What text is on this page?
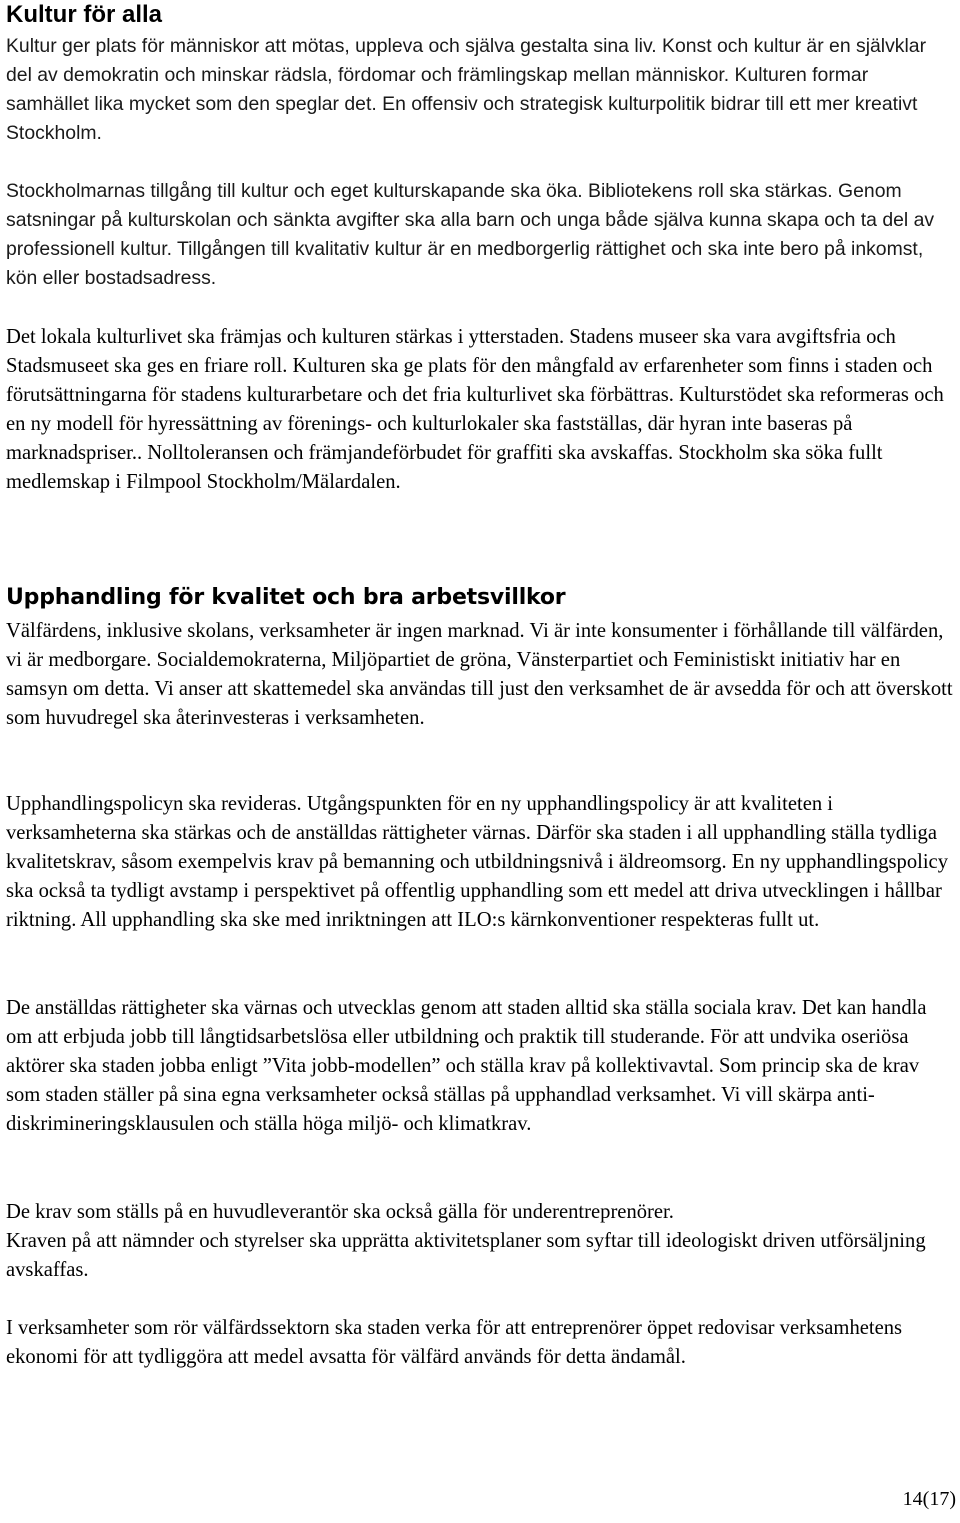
Kultur för alla

Kultur ger plats för människor att mötas, uppleva och själva gestalta sina liv. Konst och kultur är en självklar del av demokratin och minskar rädsla, fördomar och främlingskap mellan människor. Kulturen formar samhället lika mycket som den speglar det. En offensiv och strategisk kulturpolitik bidrar till ett mer kreativt Stockholm.

Stockholmarnas tillgång till kultur och eget kulturskapande ska öka. Bibliotekens roll ska stärkas. Genom satsningar på kulturskolan och sänkta avgifter ska alla barn och unga både själva kunna skapa och ta del av professionell kultur. Tillgången till kvalitativ kultur är en medborgerlig rättighet och ska inte bero på inkomst, kön eller bostadsadress.

Det lokala kulturlivet ska främjas och kulturen stärkas i ytterstaden. Stadens museer ska vara avgiftsfria och Stadsmuseet ska ges en friare roll. Kulturen ska ge plats för den mångfald av erfarenheter som finns i staden och förutsättningarna för stadens kulturarbetare och det fria kulturlivet ska förbättras. Kulturstödet ska reformeras och en ny modell för hyressättning av förenings- och kulturlokaler ska fastställas, där hyran inte baseras på marknadspriser.. Nolltoleransen och främjandeförbudet för graffiti ska avskaffas. Stockholm ska söka fullt medlemskap i Filmpool Stockholm/Mälardalen.

Upphandling för kvalitet och bra arbetsvillkor

Välfärdens, inklusive skolans, verksamheter är ingen marknad. Vi är inte konsumenter i förhållande till välfärden, vi är medborgare. Socialdemokraterna, Miljöpartiet de gröna, Vänsterpartiet och Feministiskt initiativ har en samsyn om detta. Vi anser att skattemedel ska användas till just den verksamhet de är avsedda för och att överskott som huvudregel ska återinvesteras i verksamheten.

Upphandlingspolicyn ska revideras. Utgångspunkten för en ny upphandlingspolicy är att kvaliteten i verksamheterna ska stärkas och de anställdas rättigheter värnas. Därför ska staden i all upphandling ställa tydliga kvalitetskrav, såsom exempelvis krav på bemanning och utbildningsnivå i äldreomsorg. En ny upphandlingspolicy ska också ta tydligt avstamp i perspektivet på offentlig upphandling som ett medel att driva utvecklingen i hållbar riktning. All upphandling ska ske med inriktningen att ILO:s kärnkonventioner respekteras fullt ut.

De anställdas rättigheter ska värnas och utvecklas genom att staden alltid ska ställa sociala krav. Det kan handla om att erbjuda jobb till långtidsarbetslösa eller utbildning och praktik till studerande. För att undvika oseriösa aktörer ska staden jobba enligt ”Vita jobb-modellen” och ställa krav på kollektivavtal. Som princip ska de krav som staden ställer på sina egna verksamheter också ställas på upphandlad verksamhet. Vi vill skärpa anti-diskrimineringsklausulen och ställa höga miljö- och klimatkrav.

De krav som ställs på en huvudleverantör ska också gälla för underentreprenörer.

Kraven på att nämnder och styrelser ska upprätta aktivitetsplaner som syftar till ideologiskt driven utförsäljning avskaffas.

I verksamheter som rör välfärdssektorn ska staden verka för att entreprenörer öppet redovisar verksamhetens ekonomi för att tydliggöra att medel avsatta för välfärd används för detta ändamål.

14(17)
